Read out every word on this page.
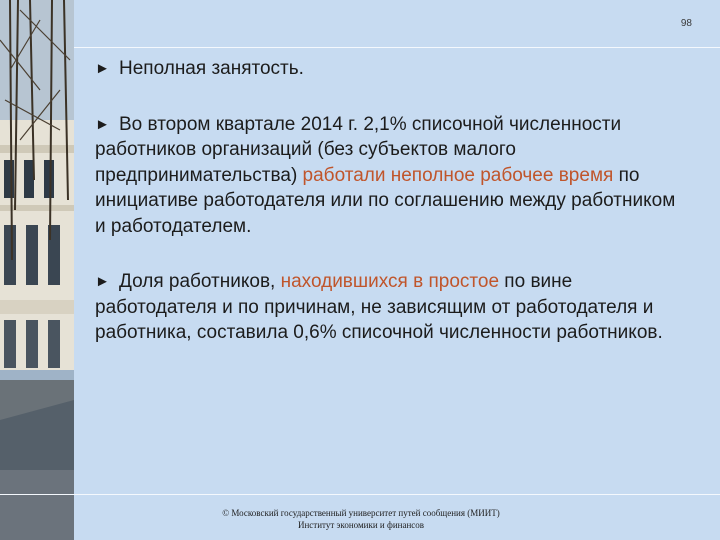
98
► Неполная занятость.
► Во втором квартале 2014 г. 2,1% списочной численности работников организаций (без субъектов малого предпринимательства) работали неполное рабочее время по инициативе работодателя или по соглашению между работником и работодателем.
► Доля работников, находившихся в простое по вине работодателя и по причинам, не зависящим от работодателя и работника, составила 0,6% списочной численности работников.
© Московский государственный университет путей сообщения (МИИТ)
Институт экономики и финансов
